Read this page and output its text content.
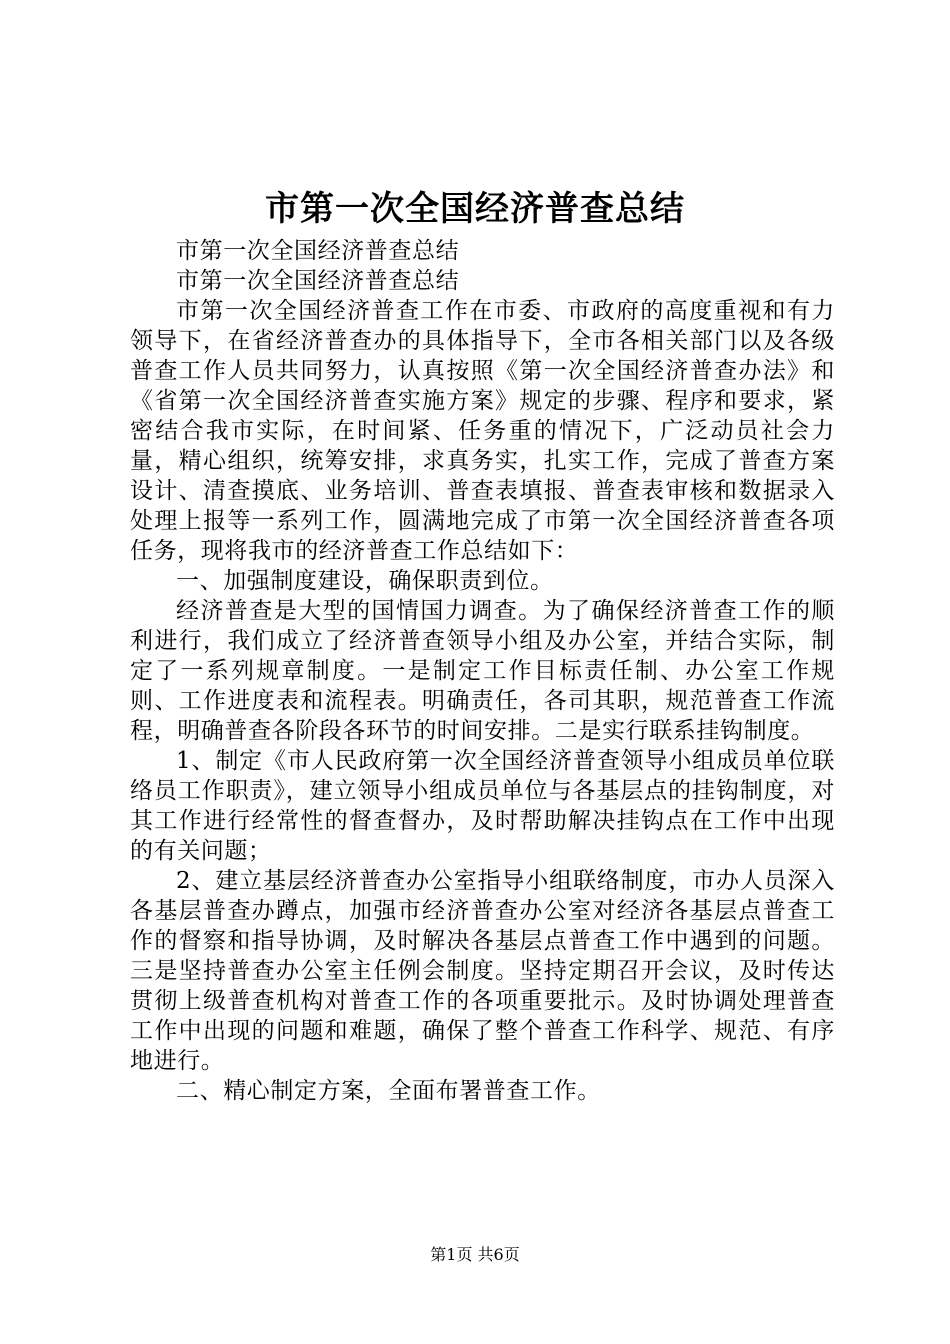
市第一次全国经济普查总结

市第一次全国经济普查总结

市第一次全国经济普查总结

市第一次全国经济普查工作在市委、市政府的高度重视和有力领导下，在省经济普查办的具体指导下，全市各相关部门以及各级普查工作人员共同努力，认真按照《第一次全国经济普查办法》和《省第一次全国经济普查实施方案》规定的步骤、程序和要求，紧密结合我市实际，在时间紧、任务重的情况下，广泛动员社会力量，精心组织，统筹安排，求真务实，扎实工作，完成了普查方案设计、清查摸底、业务培训、普查表填报、普查表审核和数据录入处理上报等一系列工作，圆满地完成了市第一次全国经济普查各项任务，现将我市的经济普查工作总结如下：

一、加强制度建设，确保职责到位。

经济普查是大型的国情国力调查。为了确保经济普查工作的顺利进行，我们成立了经济普查领导小组及办公室，并结合实际，制定了一系列规章制度。一是制定工作目标责任制、办公室工作规则、工作进度表和流程表。明确责任，各司其职，规范普查工作流程，明确普查各阶段各环节的时间安排。二是实行联系挂钩制度。

1、制定《市人民政府第一次全国经济普查领导小组成员单位联络员工作职责》，建立领导小组成员单位与各基层点的挂钩制度，对其工作进行经常性的督查督办，及时帮助解决挂钩点在工作中出现的有关问题；

2、建立基层经济普查办公室指导小组联络制度，市办人员深入各基层普查办蹲点，加强市经济普查办公室对经济各基层点普查工作的督察和指导协调，及时解决各基层点普查工作中遇到的问题。三是坚持普查办公室主任例会制度。坚持定期召开会议，及时传达贯彻上级普查机构对普查工作的各项重要批示。及时协调处理普查工作中出现的问题和难题，确保了整个普查工作科学、规范、有序地进行。

二、精心制定方案，全面布署普查工作。

第1页 共6页
